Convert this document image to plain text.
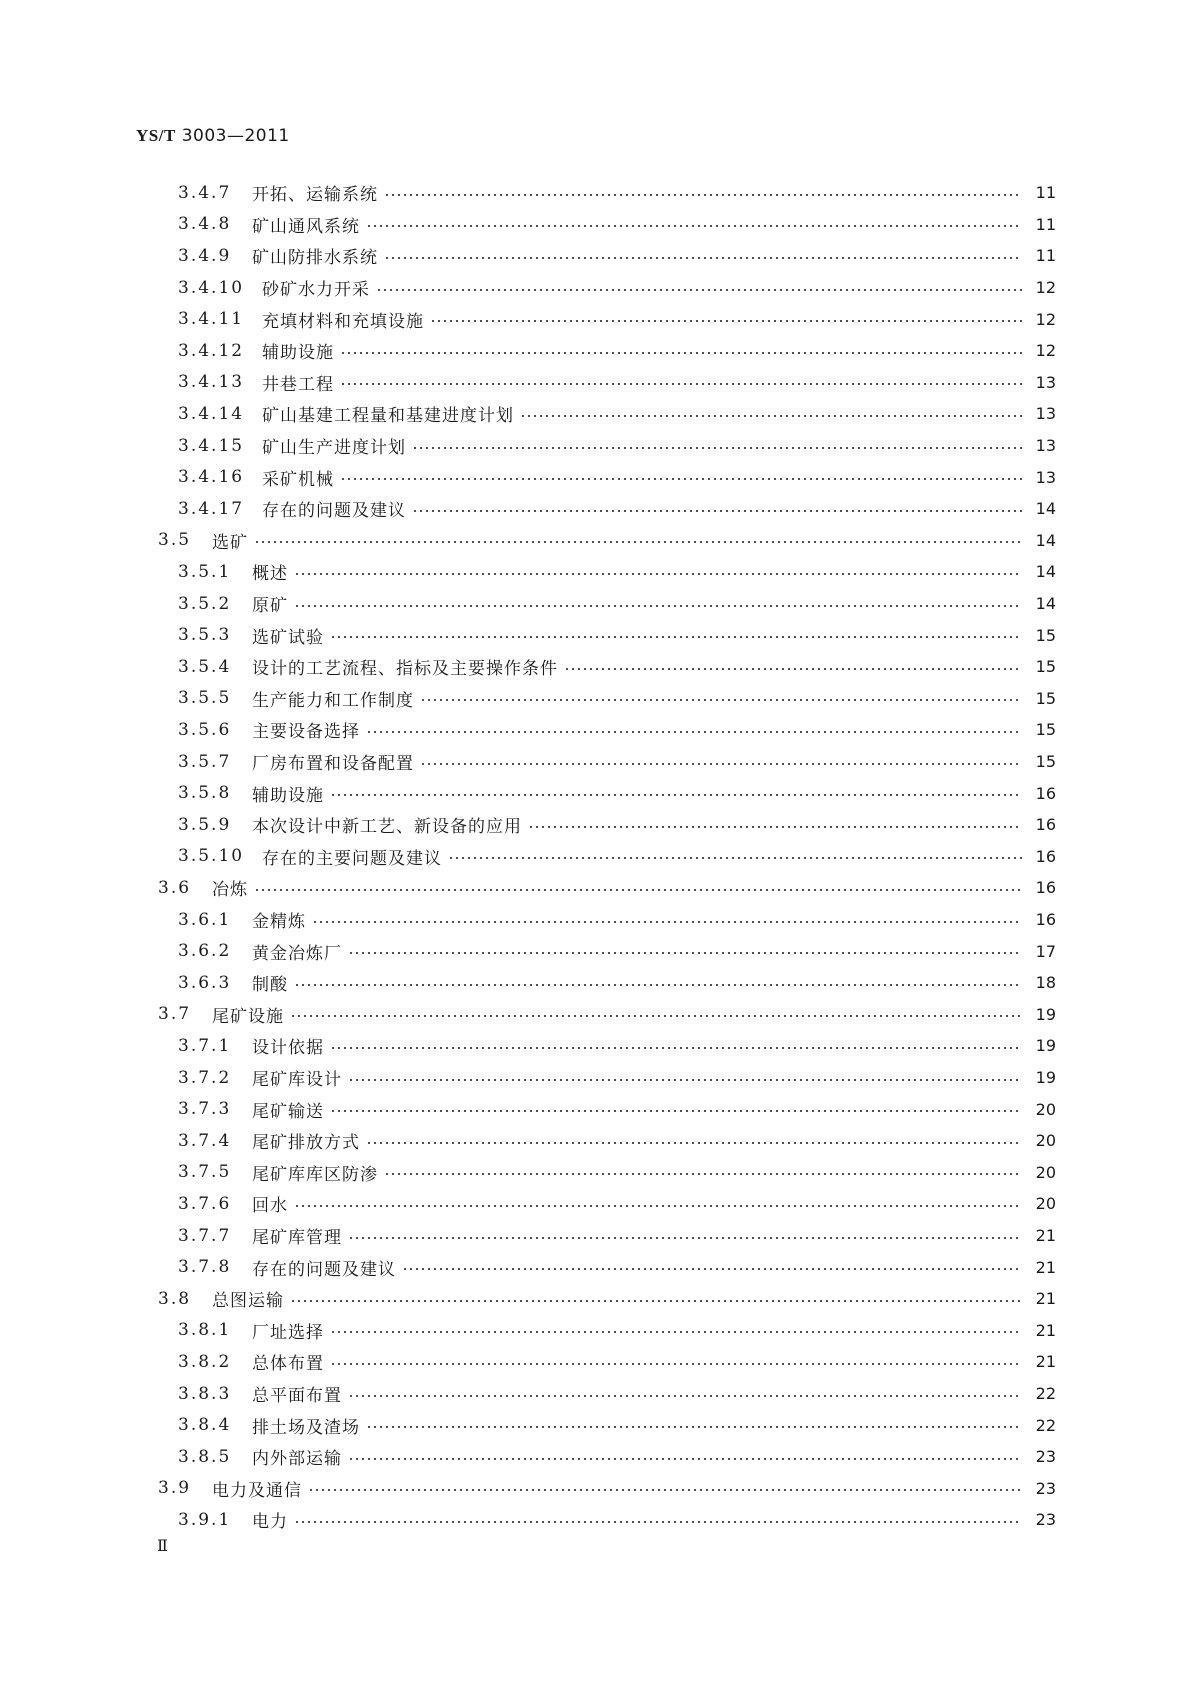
YS/T 3003—2011
3.4.7	开拓、运输系统	11
3.4.8	矿山通风系统	11
3.4.9	矿山防排水系统	11
3.4.10	砂矿水力开采	12
3.4.11	充填材料和充填设施	12
3.4.12	辅助设施	12
3.4.13	井巷工程	13
3.4.14	矿山基建工程量和基建进度计划	13
3.4.15	矿山生产进度计划	13
3.4.16	采矿机械	13
3.4.17	存在的问题及建议	14
3.5	选矿	14
3.5.1	概述	14
3.5.2	原矿	14
3.5.3	选矿试验	15
3.5.4	设计的工艺流程、指标及主要操作条件	15
3.5.5	生产能力和工作制度	15
3.5.6	主要设备选择	15
3.5.7	厂房布置和设备配置	15
3.5.8	辅助设施	16
3.5.9	本次设计中新工艺、新设备的应用	16
3.5.10	存在的主要问题及建议	16
3.6	冶炼	16
3.6.1	金精炼	16
3.6.2	黄金冶炼厂	17
3.6.3	制酸	18
3.7	尾矿设施	19
3.7.1	设计依据	19
3.7.2	尾矿库设计	19
3.7.3	尾矿输送	20
3.7.4	尾矿排放方式	20
3.7.5	尾矿库库区防渗	20
3.7.6	回水	20
3.7.7	尾矿库管理	21
3.7.8	存在的问题及建议	21
3.8	总图运输	21
3.8.1	厂址选择	21
3.8.2	总体布置	21
3.8.3	总平面布置	22
3.8.4	排土场及渣场	22
3.8.5	内外部运输	23
3.9	电力及通信	23
3.9.1	电力	23
Ⅱ
